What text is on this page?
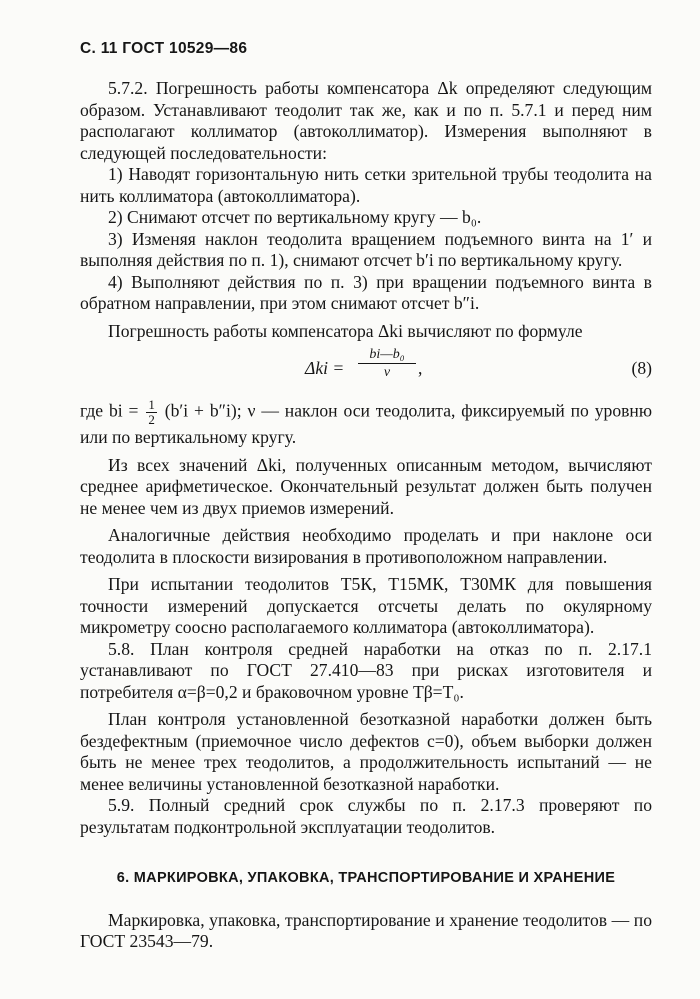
С. 11 ГОСТ 10529—86

5.7.2. Погрешность работы компенсатора Δk определяют следующим образом. Устанавливают теодолит так же, как и по п. 5.7.1 и перед ним располагают коллиматор (автоколлиматор). Измерения выполняют в следующей последовательности:

1) Наводят горизонтальную нить сетки зрительной трубы теодолита на нить коллиматора (автоколлиматора).

2) Снимают отсчет по вертикальному кругу — b₀.

3) Изменяя наклон теодолита вращением подъемного винта на 1′ и выполняя действия по п. 1), снимают отсчет b′i по вертикальному кругу.

4) Выполняют действия по п. 3) при вращении подъемного винта в обратном направлении, при этом снимают отсчет b″i.

Погрешность работы компенсатора Δki вычисляют по формуле

$\Delta ki = \frac{\text{bi—b₀}}{\nu}$ ,	(8)

где bi = $\frac{1}{2} (b'i + b''i)$; ν — наклон оси теодолита, фиксируемый по уровню или по вертикальному кругу.

Из всех значений Δki, полученных описанным методом, вычисляют среднее арифметическое. Окончательный результат должен быть получен не менее чем из двух приемов измерений.

Аналогичные действия необходимо проделать и при наклоне оси теодолита в плоскости визирования в противоположном направлении.

При испытании теодолитов Т5К, Т15МК, Т30МК для повышения точности измерений допускается отсчеты делать по окулярному микрометру соосно располагаемого коллиматора (автоколлиматора).

5.8. План контроля средней наработки на отказ по п. 2.17.1 устанавливают по ГОСТ 27.410—83 при рисках изготовителя и потребителя α=β=0,2 и браковочном уровне Tβ=T₀.

План контроля установленной безотказной наработки должен быть бездефектным (приемочное число дефектов c=0), объем выборки должен быть не менее трех теодолитов, а продолжительность испытаний — не менее величины установленной безотказной наработки.

5.9. Полный средний срок службы по п. 2.17.3 проверяют по результатам подконтрольной эксплуатации теодолитов.

6. МАРКИРОВКА, УПАКОВКА, ТРАНСПОРТИРОВАНИЕ И ХРАНЕНИЕ

Маркировка, упаковка, транспортирование и хранение теодолитов — по ГОСТ 23543—79.
